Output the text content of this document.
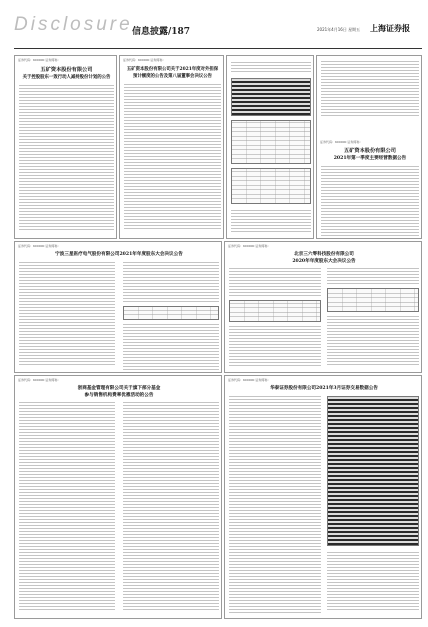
Disclosure 信息披露/187	2021年4月16日 星期五 上海证券报
证券代码：600000 证券简称：
五矿资本股份有限公司
关于控股股东一致行动人减持股份计划的公告
证券代码：600000 证券简称：
五矿资本股份有限公司关于2021年度对外担保
预计额度的公告及第八届董事会决议公告
证券代码：600000 证券简称：
五矿资本股份有限公司
2021年第一季度主要经营数据公告
证券代码：600000 证券简称：
宁波三星医疗电气股份有限公司2021年年度股东大会决议公告
证券代码：600000 证券简称：
北京三六零科技股份有限公司
2020年年度股东大会决议公告
证券代码：600000 证券简称：
浙商基金管理有限公司关于旗下部分基金
参与销售机构费率优惠活动的公告
证券代码：600000 证券简称：
华泰证券股份有限公司2021年3月证券交易数据公告
